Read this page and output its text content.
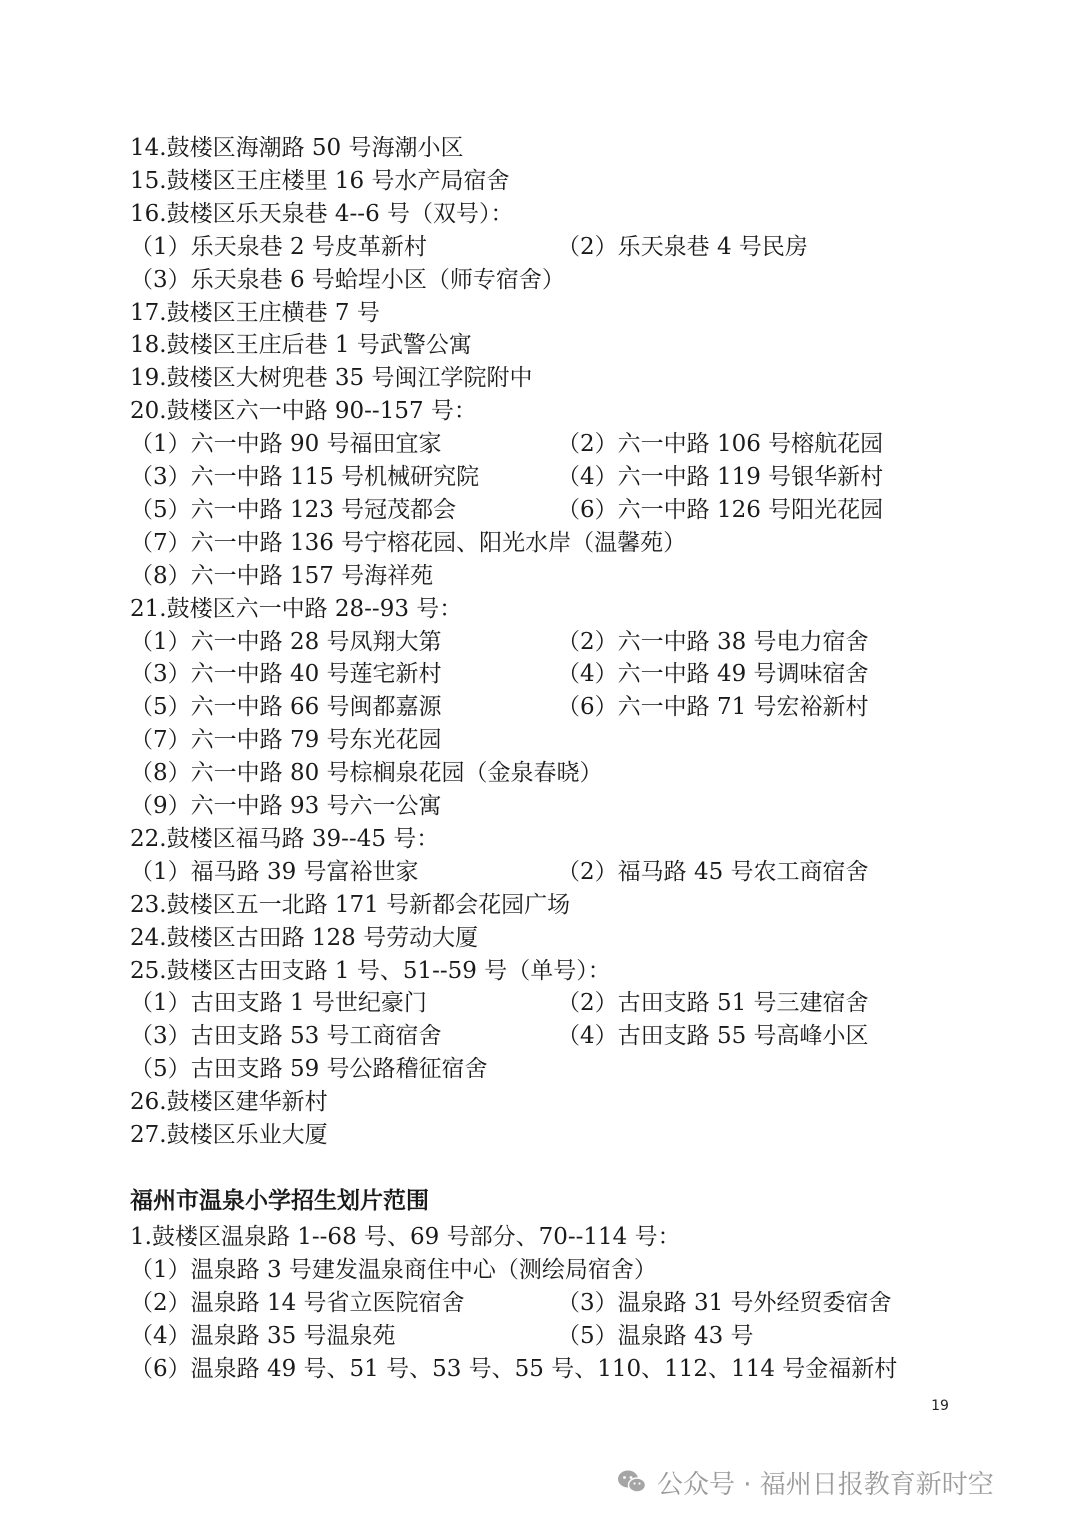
14.鼓楼区海潮路 50 号海潮小区
15.鼓楼区王庄楼里 16 号水产局宿舍
16.鼓楼区乐天泉巷 4--6 号（双号）：
（1）乐天泉巷 2 号皮革新村	（2）乐天泉巷 4 号民房
（3）乐天泉巷 6 号蛤埕小区（师专宿舍）
17.鼓楼区王庄横巷 7 号
18.鼓楼区王庄后巷 1 号武警公寓
19.鼓楼区大树兜巷 35 号闽江学院附中
20.鼓楼区六一中路 90--157 号：
（1）六一中路 90 号福田宜家	（2）六一中路 106 号榕航花园
（3）六一中路 115 号机械研究院	（4）六一中路 119 号银华新村
（5）六一中路 123 号冠茂都会	（6）六一中路 126 号阳光花园
（7）六一中路 136 号宁榕花园、阳光水岸（温馨苑）
（8）六一中路 157 号海祥苑
21.鼓楼区六一中路 28--93 号：
（1）六一中路 28 号凤翔大第	（2）六一中路 38 号电力宿舍
（3）六一中路 40 号莲宅新村	（4）六一中路 49 号调味宿舍
（5）六一中路 66 号闽都嘉源	（6）六一中路 71 号宏裕新村
（7）六一中路 79 号东光花园
（8）六一中路 80 号棕榈泉花园（金泉春晓）
（9）六一中路 93 号六一公寓
22.鼓楼区福马路 39--45 号：
（1）福马路 39 号富裕世家	（2）福马路 45 号农工商宿舍
23.鼓楼区五一北路 171 号新都会花园广场
24.鼓楼区古田路 128 号劳动大厦
25.鼓楼区古田支路 1 号、51--59 号（单号）：
（1）古田支路 1 号世纪豪门	（2）古田支路 51 号三建宿舍
（3）古田支路 53 号工商宿舍	（4）古田支路 55 号高峰小区
（5）古田支路 59 号公路稽征宿舍
26.鼓楼区建华新村
27.鼓楼区乐业大厦
福州市温泉小学招生划片范围
1.鼓楼区温泉路 1--68 号、69 号部分、70--114 号：
（1）温泉路 3 号建发温泉商住中心（测绘局宿舍）
（2）温泉路 14 号省立医院宿舍	（3）温泉路 31 号外经贸委宿舍
（4）温泉路 35 号温泉苑	（5）温泉路 43 号
（6）温泉路 49 号、51 号、53 号、55 号、110、112、114 号金福新村
19
公众号 · 福州日报教育新时空
